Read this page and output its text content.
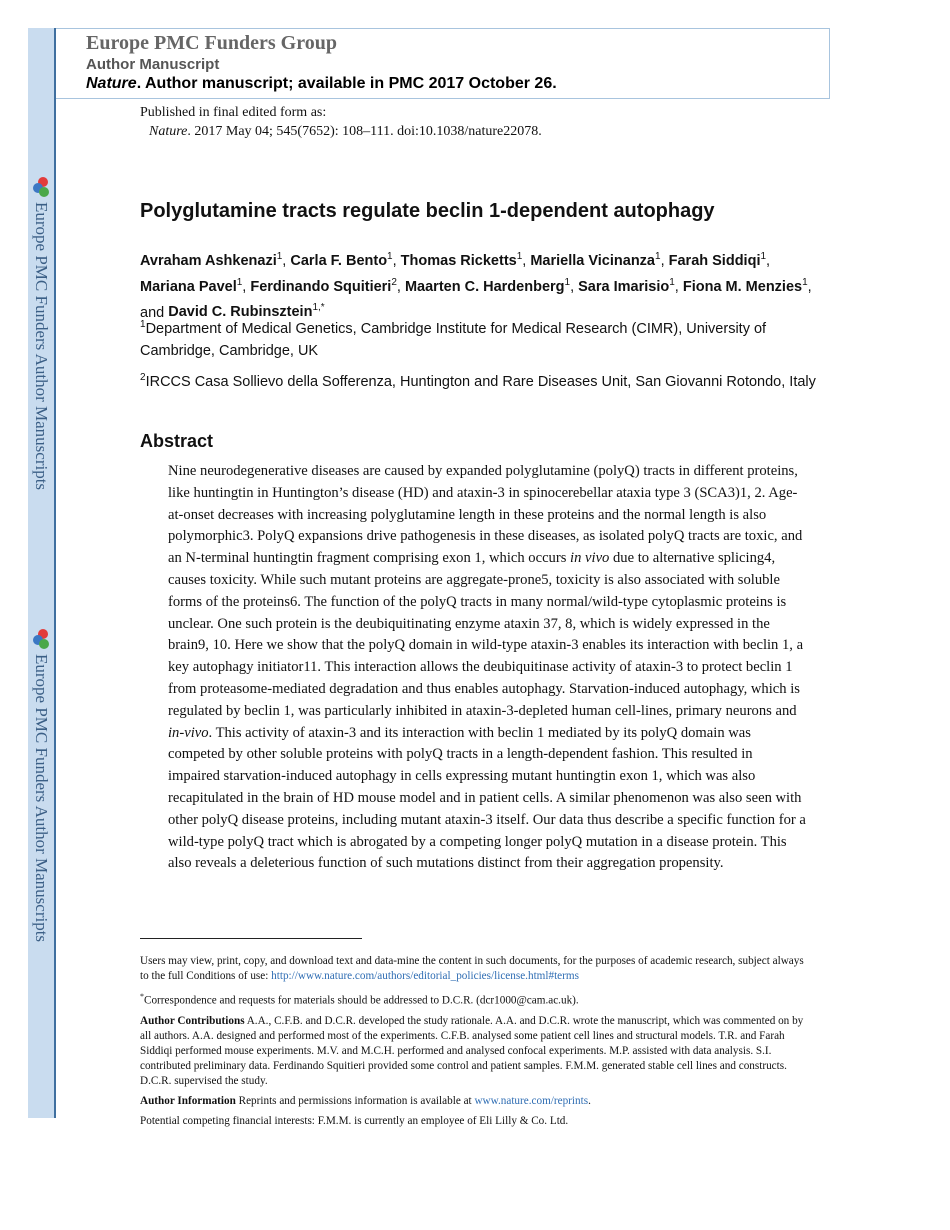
Europe PMC Funders Author Manuscripts
Europe PMC Funders Author Manuscripts
Europe PMC Funders Group
Author Manuscript
Nature. Author manuscript; available in PMC 2017 October 26.
Published in final edited form as:
Nature. 2017 May 04; 545(7652): 108–111. doi:10.1038/nature22078.
Polyglutamine tracts regulate beclin 1-dependent autophagy
Avraham Ashkenazi$^1$, Carla F. Bento$^1$, Thomas Ricketts$^1$, Mariella Vicinanza$^1$, Farah Siddiqi$^1$, Mariana Pavel$^1$, Ferdinando Squitieri$^2$, Maarten C. Hardenberg$^1$, Sara Imarisio$^1$, Fiona M. Menzies$^1$, and David C. Rubinsztein$^{1,*}$
$^1$Department of Medical Genetics, Cambridge Institute for Medical Research (CIMR), University of Cambridge, Cambridge, UK
$^2$IRCCS Casa Sollievo della Sofferenza, Huntington and Rare Diseases Unit, San Giovanni Rotondo, Italy
Abstract
Nine neurodegenerative diseases are caused by expanded polyglutamine (polyQ) tracts in different proteins, like huntingtin in Huntington’s disease (HD) and ataxin-3 in spinocerebellar ataxia type 3 (SCA3)1, 2. Age-at-onset decreases with increasing polyglutamine length in these proteins and the normal length is also polymorphic3. PolyQ expansions drive pathogenesis in these diseases, as isolated polyQ tracts are toxic, and an N-terminal huntingtin fragment comprising exon 1, which occurs in vivo due to alternative splicing4, causes toxicity. While such mutant proteins are aggregate-prone5, toxicity is also associated with soluble forms of the proteins6. The function of the polyQ tracts in many normal/wild-type cytoplasmic proteins is unclear. One such protein is the deubiquitinating enzyme ataxin 37, 8, which is widely expressed in the brain9, 10. Here we show that the polyQ domain in wild-type ataxin-3 enables its interaction with beclin 1, a key autophagy initiator11. This interaction allows the deubiquitinase activity of ataxin-3 to protect beclin 1 from proteasome-mediated degradation and thus enables autophagy. Starvation-induced autophagy, which is regulated by beclin 1, was particularly inhibited in ataxin-3-depleted human cell-lines, primary neurons and in-vivo. This activity of ataxin-3 and its interaction with beclin 1 mediated by its polyQ domain was competed by other soluble proteins with polyQ tracts in a length-dependent fashion. This resulted in impaired starvation-induced autophagy in cells expressing mutant huntingtin exon 1, which was also recapitulated in the brain of HD mouse model and in patient cells. A similar phenomenon was also seen with other polyQ disease proteins, including mutant ataxin-3 itself. Our data thus describe a specific function for a wild-type polyQ tract which is abrogated by a competing longer polyQ mutation in a disease protein. This also reveals a deleterious function of such mutations distinct from their aggregation propensity.

Users may view, print, copy, and download text and data-mine the content in such documents, for the purposes of academic research, subject always to the full Conditions of use: http://www.nature.com/authors/editorial_policies/license.html#terms

*Correspondence and requests for materials should be addressed to D.C.R. (dcr1000@cam.ac.uk).

Author Contributions A.A., C.F.B. and D.C.R. developed the study rationale. A.A. and D.C.R. wrote the manuscript, which was commented on by all authors. A.A. designed and performed most of the experiments. C.F.B. analysed some patient cell lines and structural models. T.R. and Farah Siddiqi performed mouse experiments. M.V. and M.C.H. performed and analysed confocal experiments. M.P. assisted with data analysis. S.I. contributed preliminary data. Ferdinando Squitieri provided some control and patient samples. F.M.M. generated stable cell lines and constructs. D.C.R. supervised the study.

Author Information Reprints and permissions information is available at www.nature.com/reprints.

Potential competing financial interests: F.M.M. is currently an employee of Eli Lilly & Co. Ltd.
